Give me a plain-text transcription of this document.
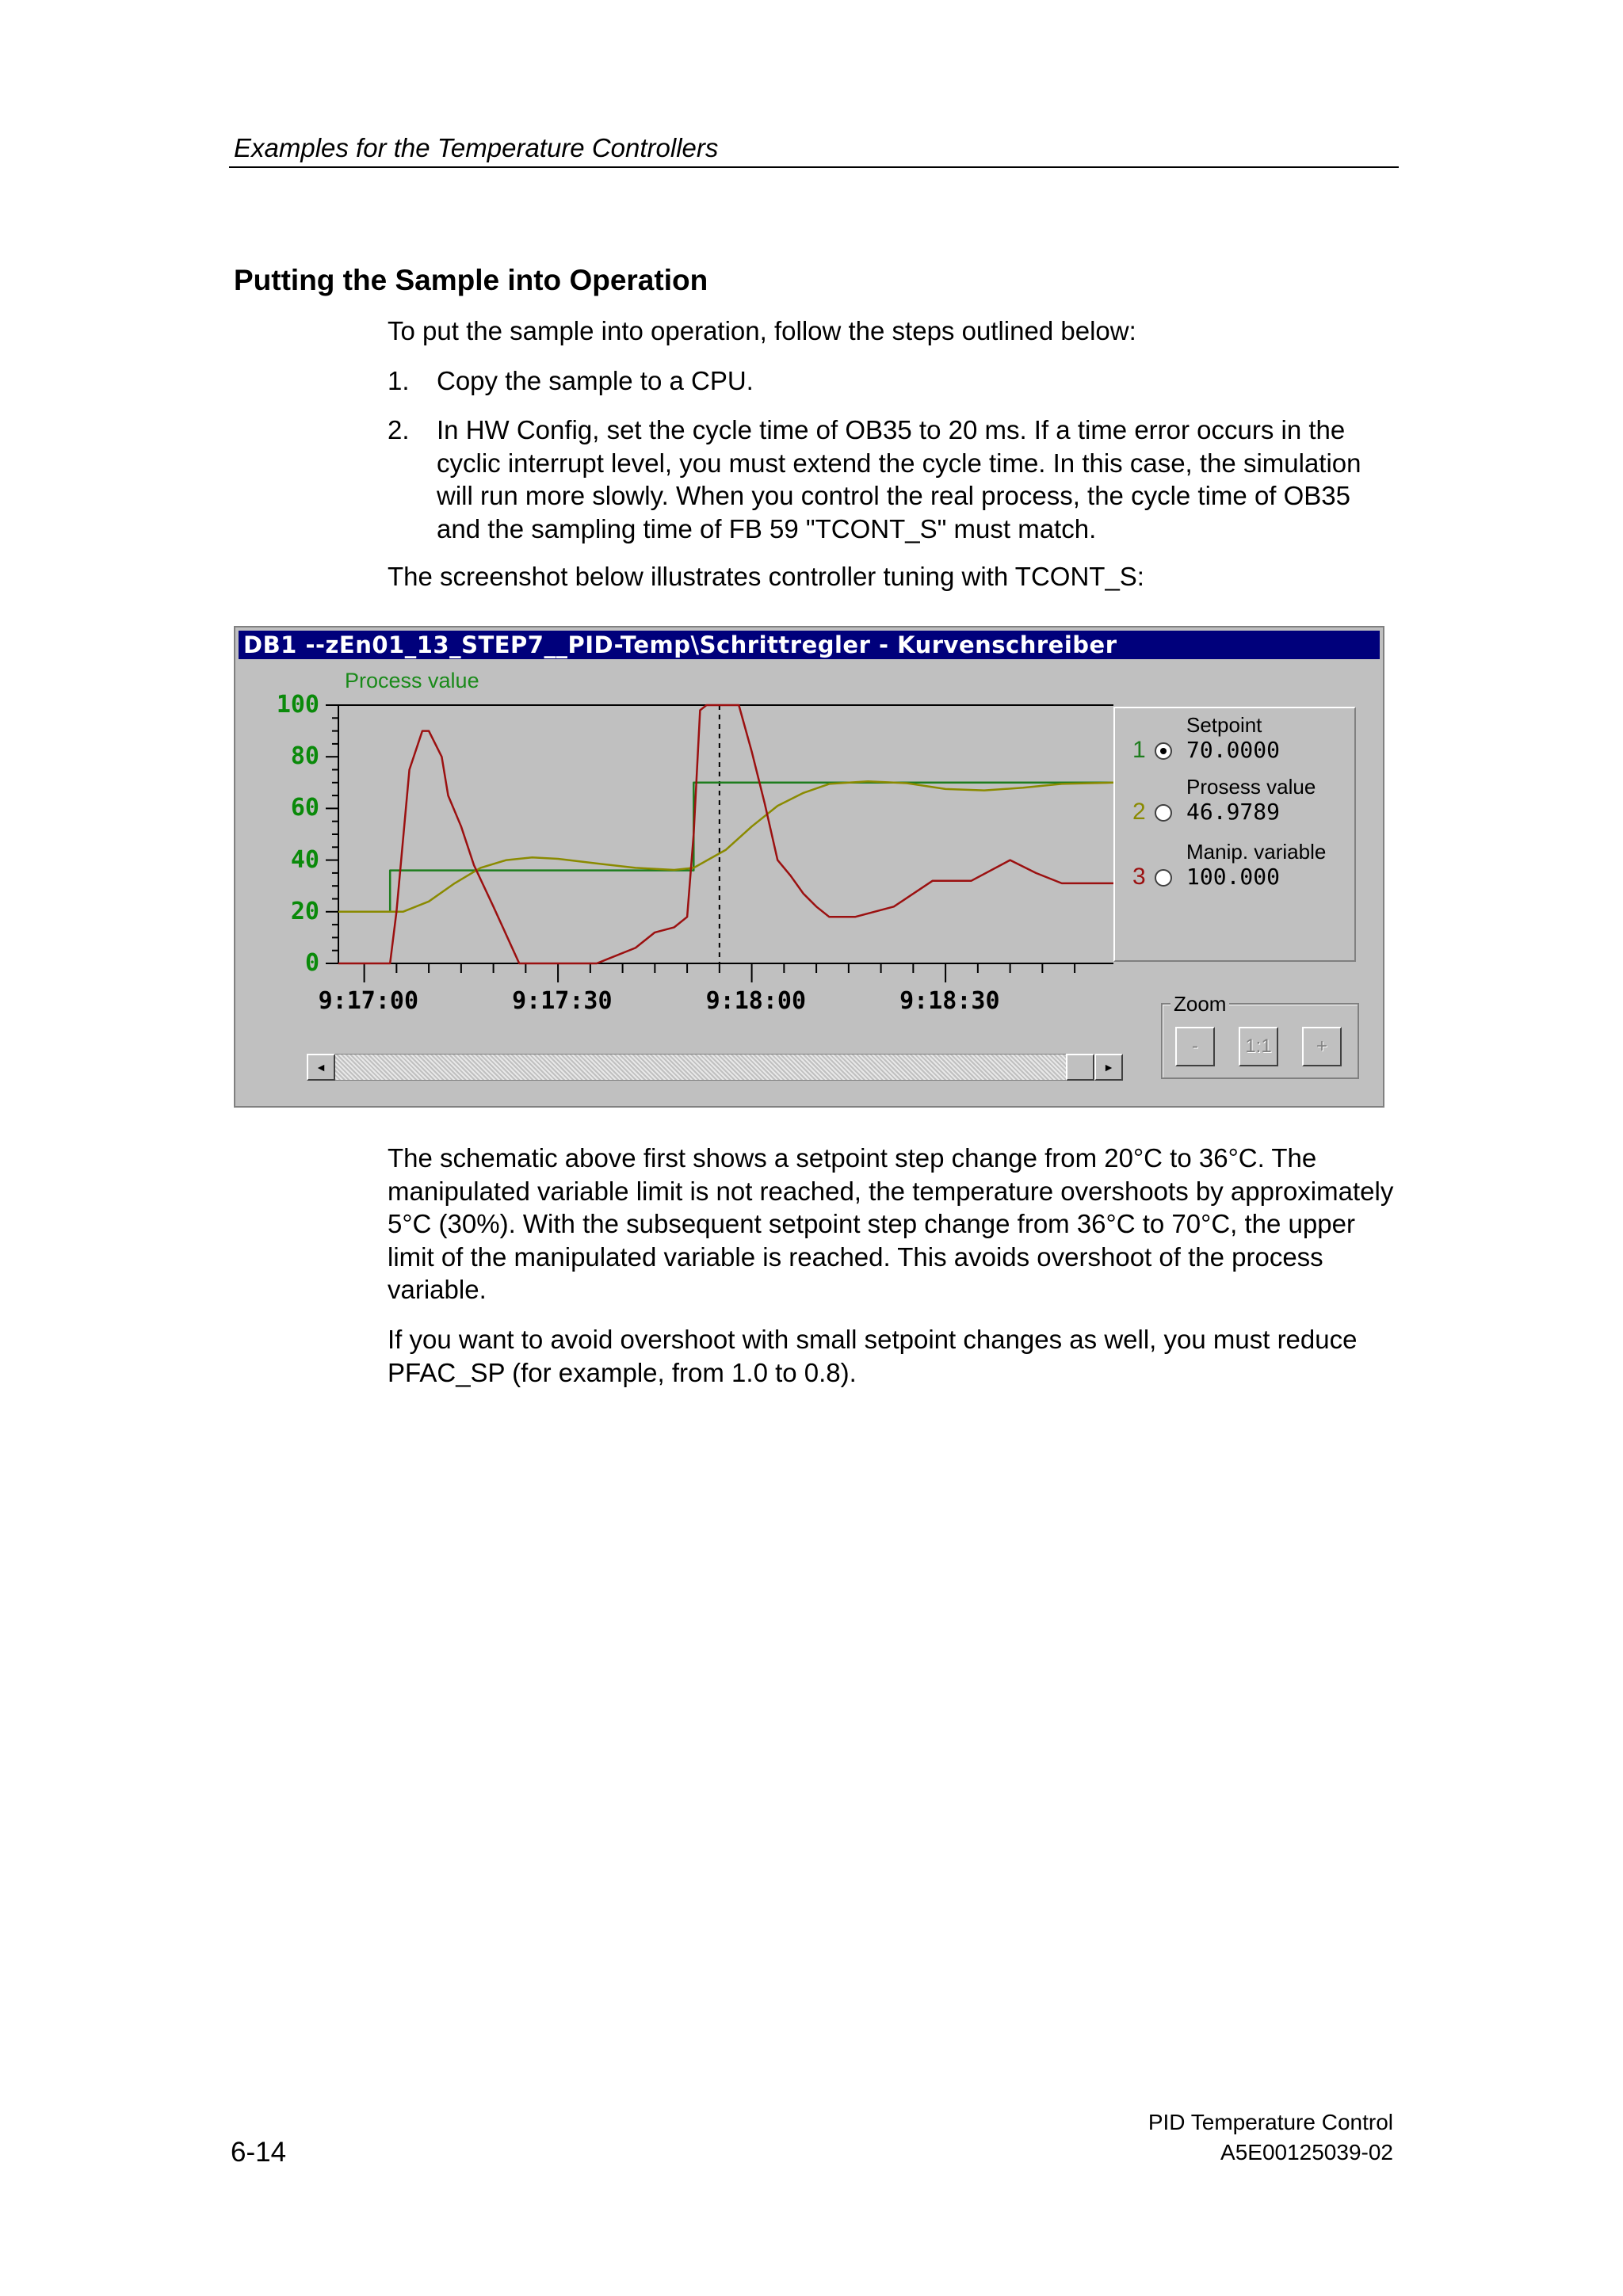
Examples for the Temperature Controllers
Putting the Sample into Operation

To put the sample into operation, follow the steps outlined below:

1. Copy the sample to a CPU.
2. In HW Config, set the cycle time of OB35 to 20 ms. If a time error occurs in the cyclic interrupt level, you must extend the cycle time. In this case, the simulation will run more slowly. When you control the real process, the cycle time of OB35 and the sampling time of FB 59 "TCONT_S" must match.

The screenshot below illustrates controller tuning with TCONT_S:

DB1 --zEn01_13_STEP7__PID-Temp\Schrittregler - Kurvenschreiber
Process value
100
80
60
40
20
0
9:17:00	9:17:30	9:18:00	9:18:30
Setpoint
1 70.0000
Prosess value
2 46.9789
Manip. variable
3 100.000
Zoom
-	1:1	+
◄	►

The schematic above first shows a setpoint step change from 20°C to 36°C. The manipulated variable limit is not reached, the temperature overshoots by approximately 5°C (30%). With the subsequent setpoint step change from 36°C to 70°C, the upper limit of the manipulated variable is reached. This avoids overshoot of the process variable.

If you want to avoid overshoot with small setpoint changes as well, you must reduce PFAC_SP (for example, from 1.0 to 0.8).

PID Temperature Control
6-14	A5E00125039-02
